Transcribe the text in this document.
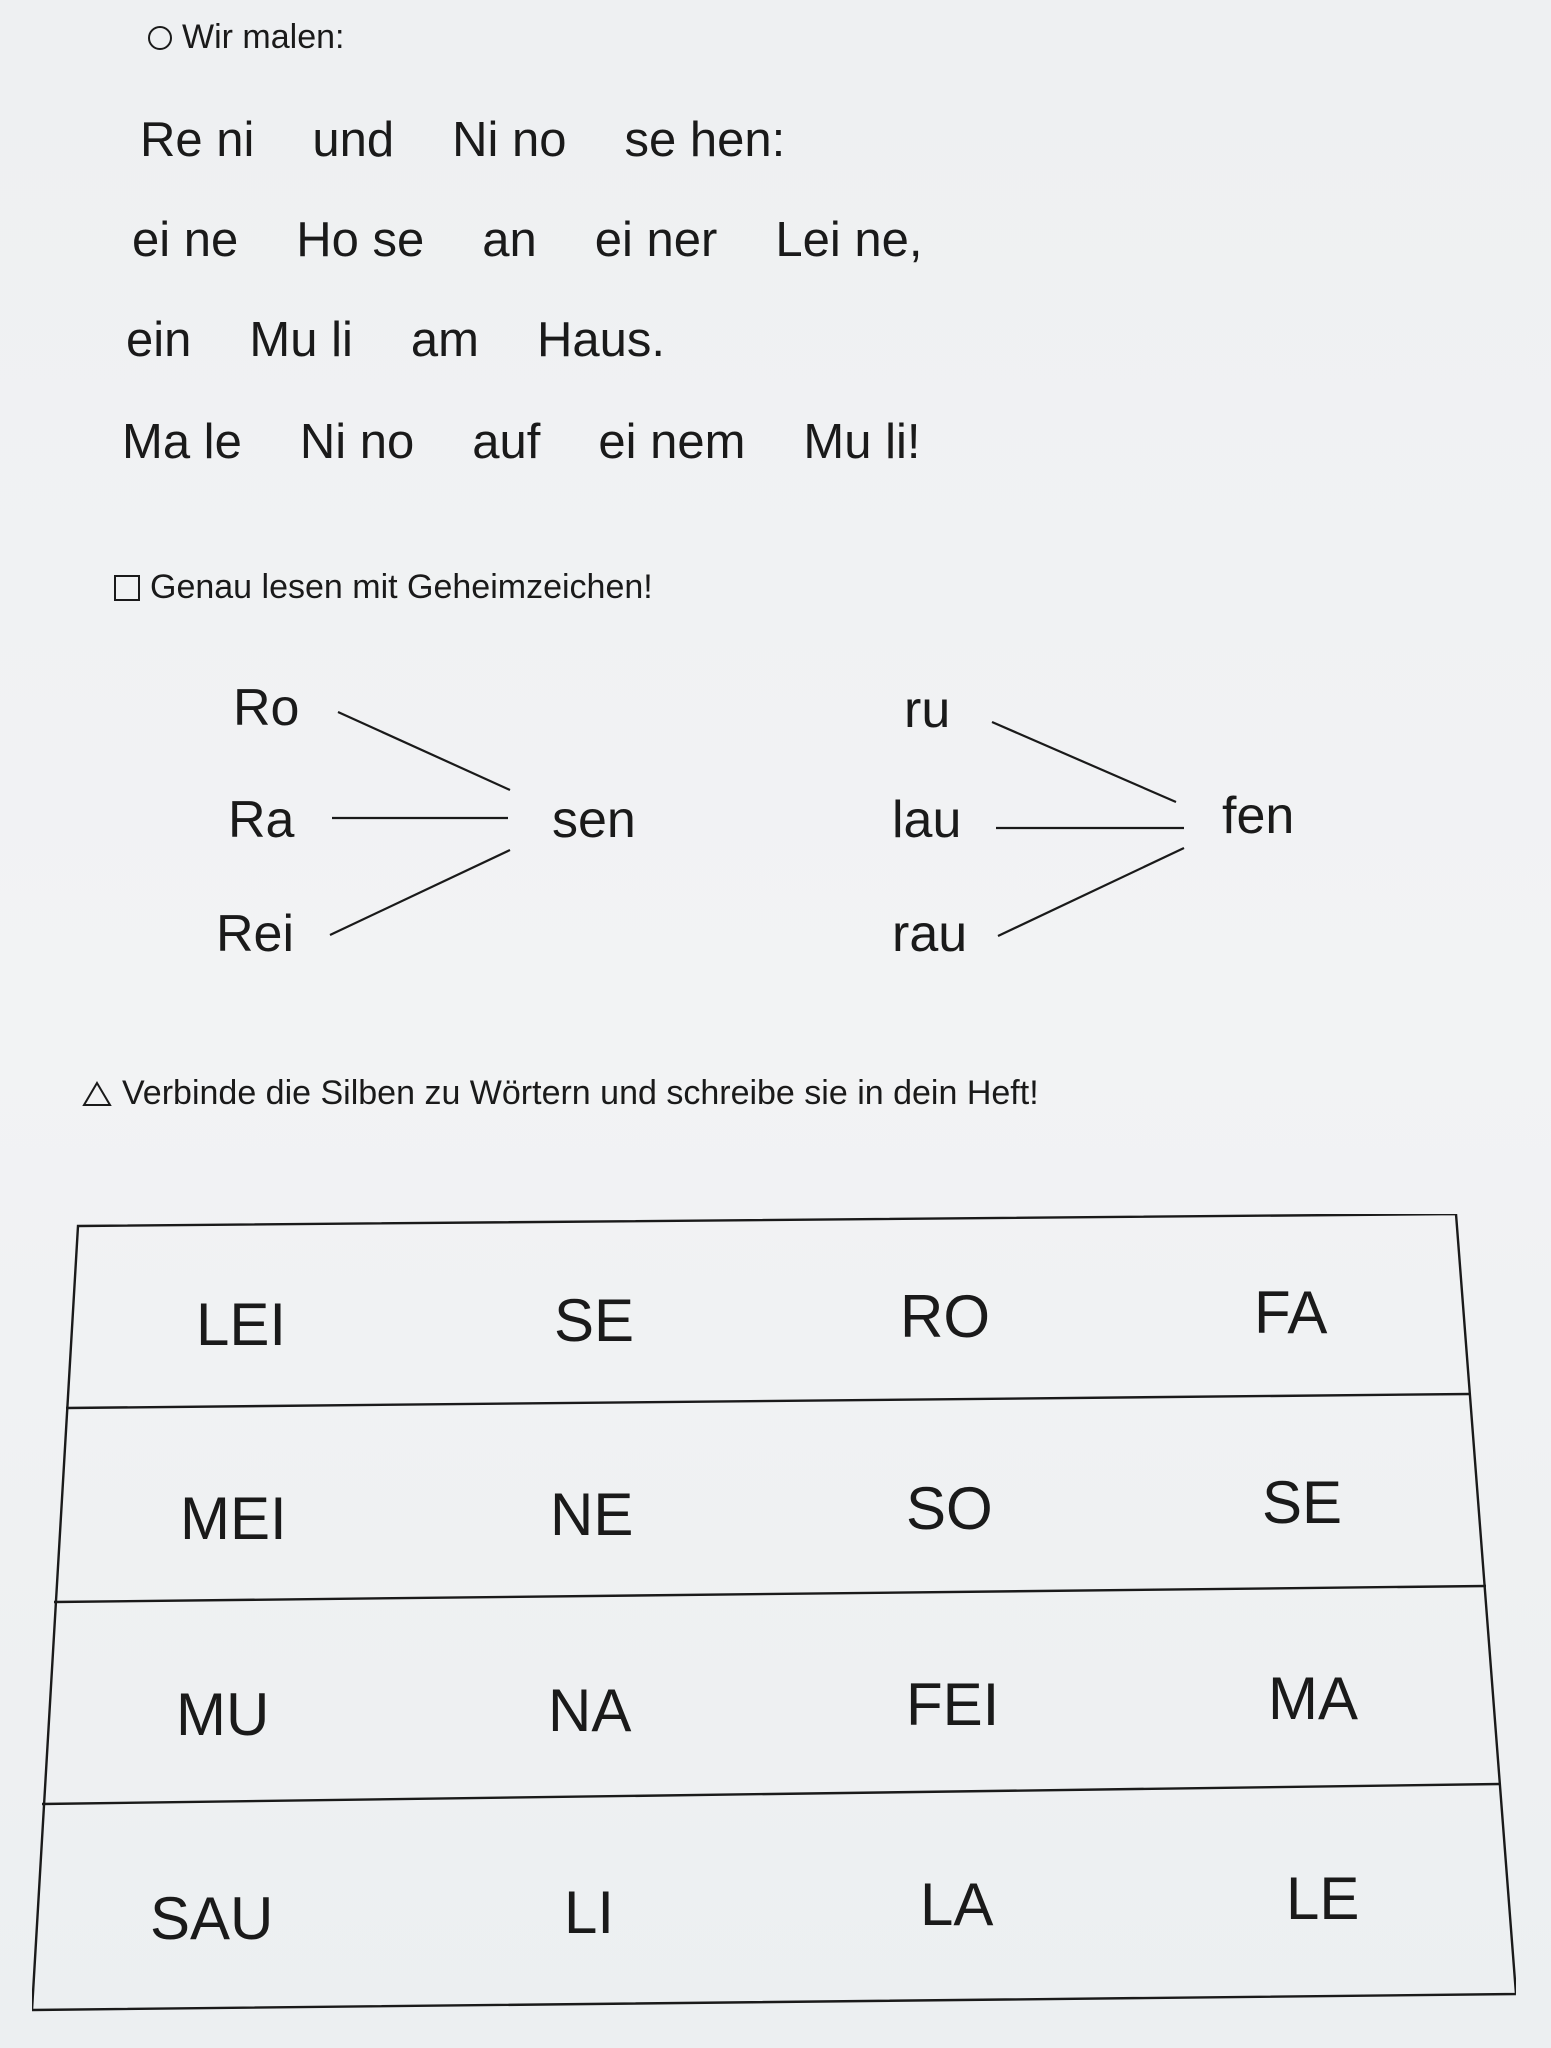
Wir malen:
Re ni und Ni no se hen:
ei ne Ho se an ei ner Lei ne,
ein Mu li am Haus.
Ma le Ni no auf ei nem Mu li!
Genau lesen mit Geheimzeichen!
Ro
Ra
Rei
sen
ru
lau
rau
fen
Verbinde die Silben zu Wörtern und schreibe sie in dein Heft!
LEI	SE	RO	FA
MEI	NE	SO	SE
MU	NA	FEI	MA
SAU	LI	LA	LE
